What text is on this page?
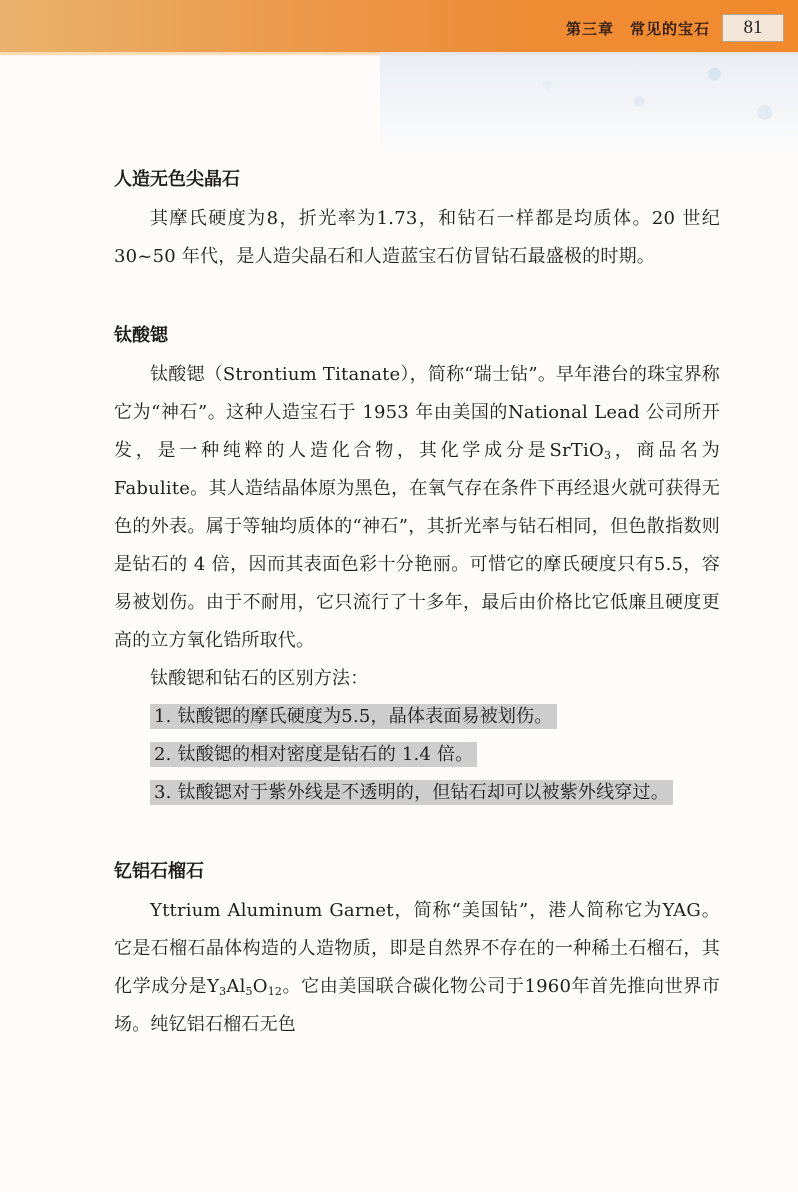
第三章　常见的宝石	81
人造无色尖晶石

其摩氏硬度为8，折光率为1.73，和钻石一样都是均质体。20 世纪 30~50 年代，是人造尖晶石和人造蓝宝石仿冒钻石最盛极的时期。

钛酸锶

钛酸锶（Strontium Titanate），简称“瑞士钻”。早年港台的珠宝界称它为“神石”。这种人造宝石于 1953 年由美国的National Lead 公司所开发，是一种纯粹的人造化合物，其化学成分是SrTiO$_3$，商品名为Fabulite。其人造结晶体原为黑色，在氧气存在条件下再经退火就可获得无色的外表。属于等轴均质体的“神石”，其折光率与钻石相同，但色散指数则是钻石的 4 倍，因而其表面色彩十分艳丽。可惜它的摩氏硬度只有5.5，容易被划伤。由于不耐用，它只流行了十多年，最后由价格比它低廉且硬度更高的立方氧化锆所取代。

钛酸锶和钻石的区别方法：

1. 钛酸锶的摩氏硬度为5.5，晶体表面易被划伤。

2. 钛酸锶的相对密度是钻石的 1.4 倍。

3. 钛酸锶对于紫外线是不透明的，但钻石却可以被紫外线穿过。

钇铝石榴石

Yttrium Aluminum Garnet，简称“美国钻”，港人简称它为YAG。它是石榴石晶体构造的人造物质，即是自然界不存在的一种稀土石榴石，其化学成分是$Y_3Al_5O_{12}$。它由美国联合碳化物公司于1960年首先推向世界市场。纯钇铝石榴石无色
